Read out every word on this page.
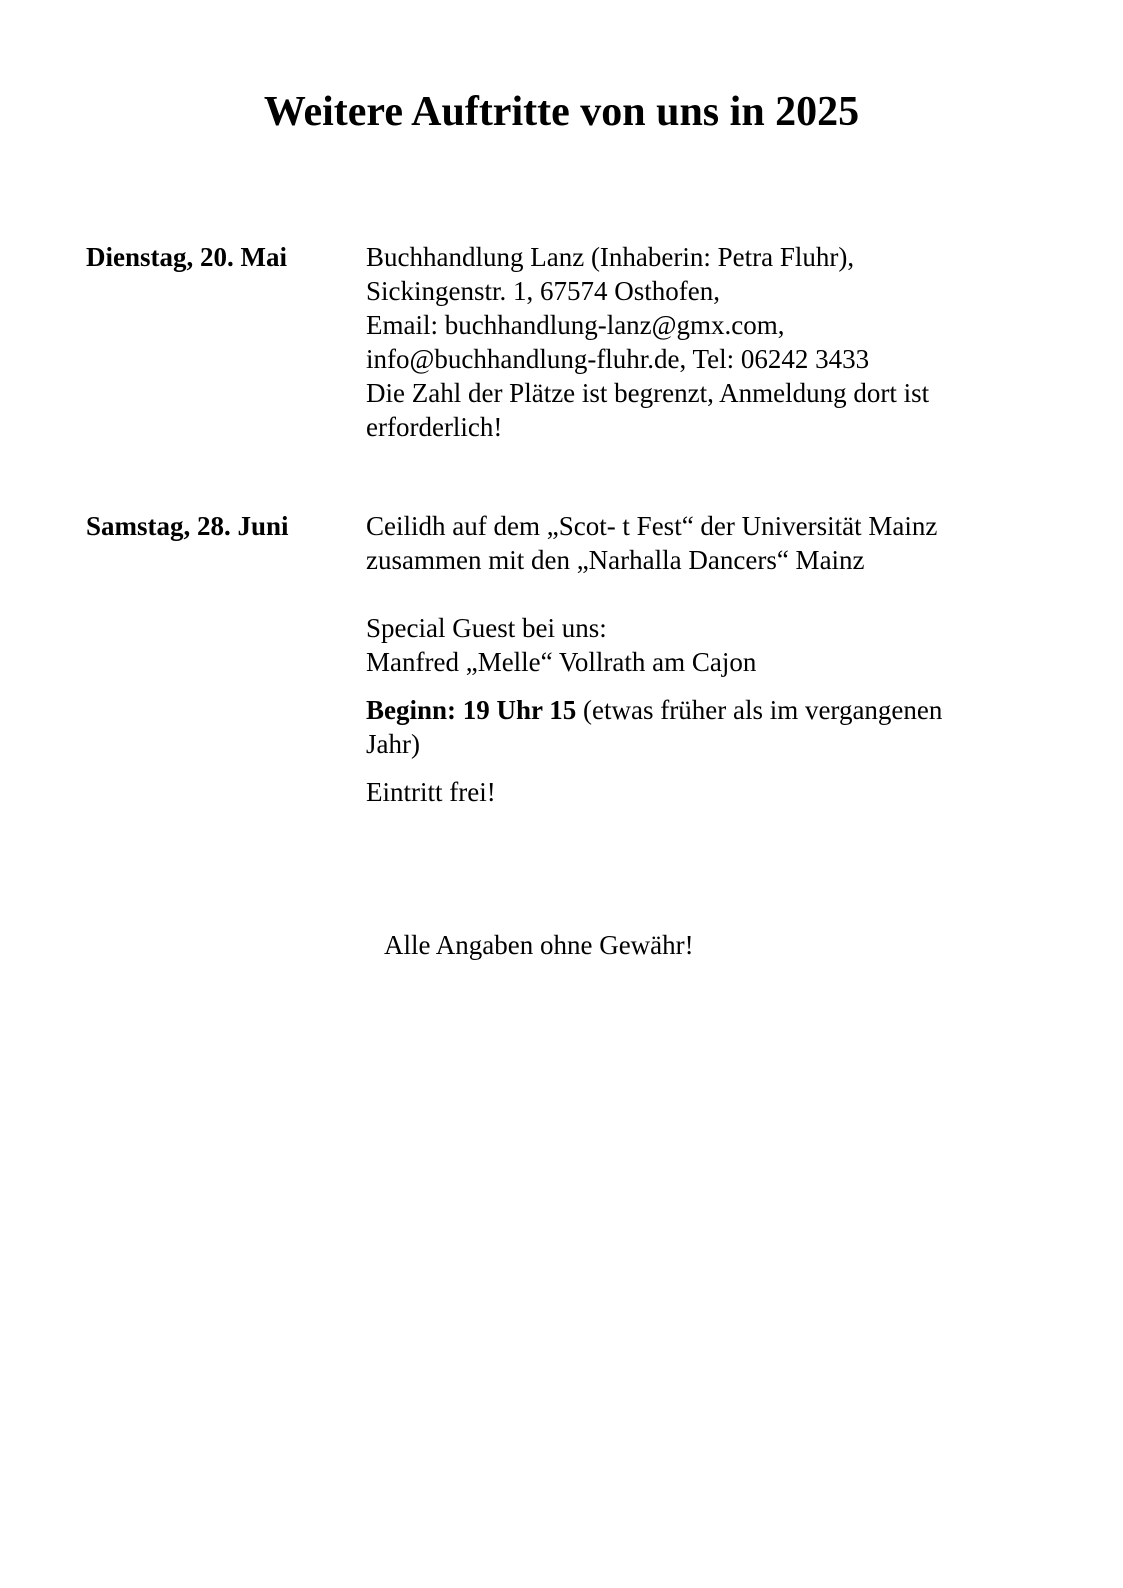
Weitere Auftritte von uns in 2025
Dienstag, 20. Mai	Buchhandlung Lanz (Inhaberin: Petra Fluhr),
Sickingenstr. 1, 67574 Osthofen,
Email: buchhandlung-lanz@gmx.com,
info@buchhandlung-fluhr.de, Tel: 06242 3433
Die Zahl der Plätze ist begrenzt, Anmeldung dort ist
erforderlich!
Samstag, 28. Juni	Ceilidh auf dem „Scot- t Fest“ der Universität Mainz
zusammen mit den „Narhalla Dancers“ Mainz
Special Guest bei uns:
Manfred „Melle“ Vollrath am Cajon
Beginn: 19 Uhr 15 (etwas früher als im vergangenen
Jahr)
Eintritt frei!
Alle Angaben ohne Gewähr!
